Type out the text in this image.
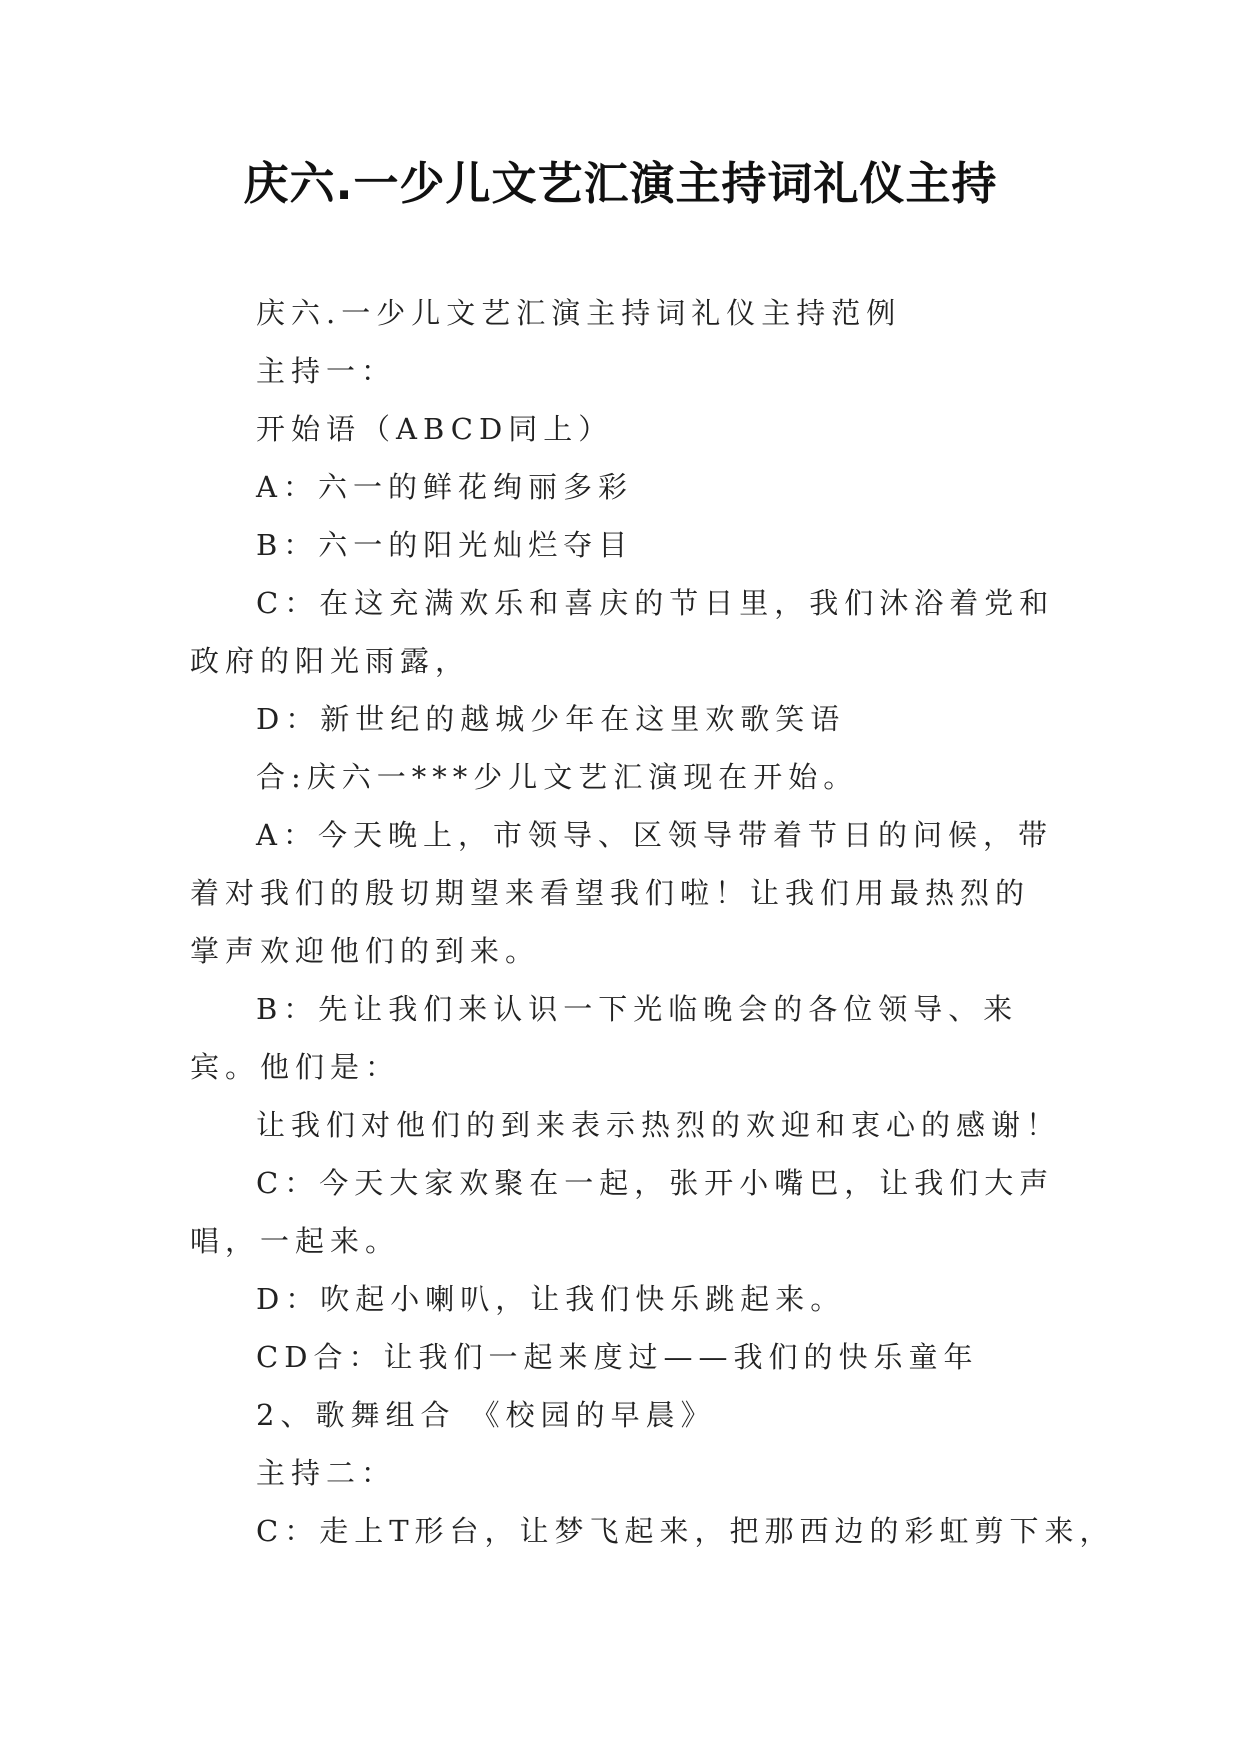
庆六.一少儿文艺汇演主持词礼仪主持

庆六.一少儿文艺汇演主持词礼仪主持范例

主持一：

开始语（ABCD同上）

A：六一的鲜花绚丽多彩

B：六一的阳光灿烂夺目

C：在这充满欢乐和喜庆的节日里，我们沐浴着党和政府的阳光雨露，

D：新世纪的越城少年在这里欢歌笑语

合:庆六一***少儿文艺汇演现在开始。

A：今天晚上，市领导、区领导带着节日的问候，带着对我们的殷切期望来看望我们啦！让我们用最热烈的掌声欢迎他们的到来。

B：先让我们来认识一下光临晚会的各位领导、来宾。他们是：

让我们对他们的到来表示热烈的欢迎和衷心的感谢！

C：今天大家欢聚在一起，张开小嘴巴，让我们大声唱，一起来。

D：吹起小喇叭，让我们快乐跳起来。

CD合：让我们一起来度过——我们的快乐童年

2、歌舞组合 《校园的早晨》

主持二：

C：走上T形台，让梦飞起来，把那西边的彩虹剪下来，
